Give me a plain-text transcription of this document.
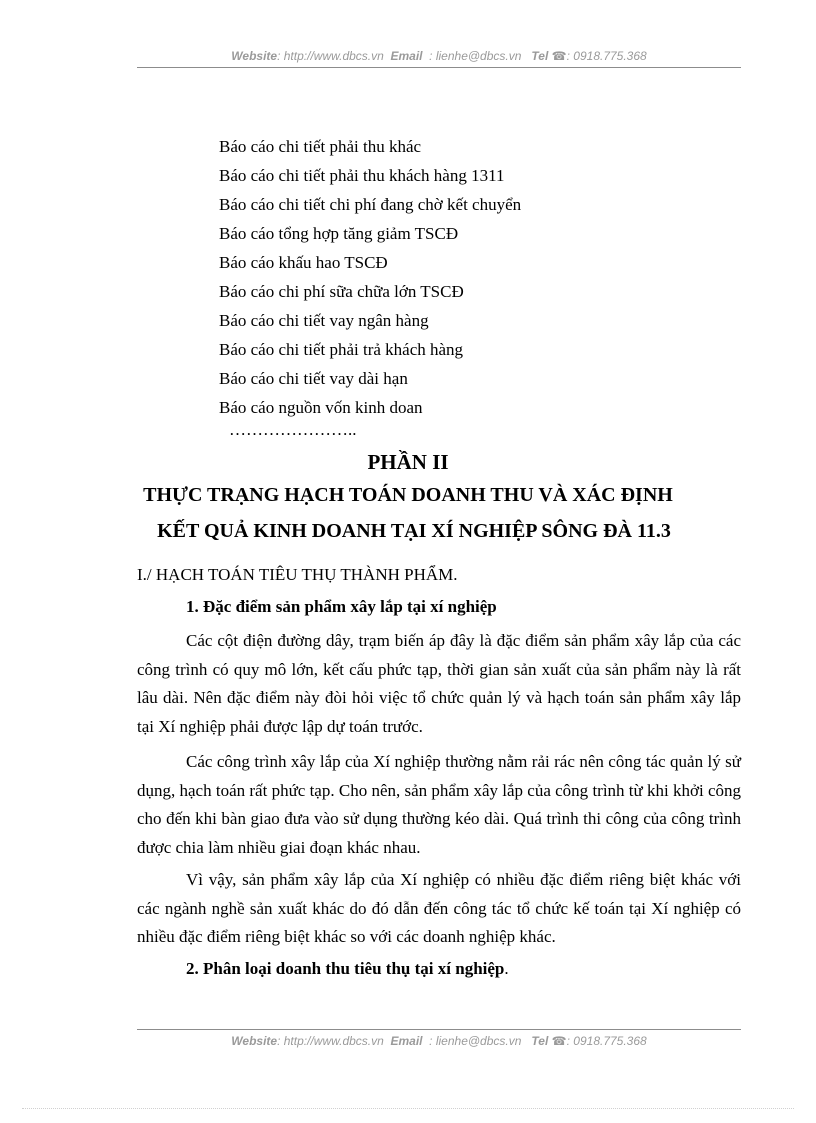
Website: http://www.dbcs.vn Email : lienhe@dbcs.vn Tel ☎: 0918.775.368
Báo cáo chi tiết phải thu khác
Báo cáo chi tiết phải thu khách hàng 1311
Báo cáo chi tiết chi phí đang chờ kết chuyển
Báo cáo tổng hợp tăng giảm TSCĐ
Báo cáo khấu hao TSCĐ
Báo cáo chi phí sữa chữa lớn TSCĐ
Báo cáo chi tiết vay ngân hàng
Báo cáo chi tiết phải trả khách hàng
Báo cáo chi tiết vay dài hạn
Báo cáo nguồn vốn kinh doan
…………………..
PHẦN II
THỰC TRẠNG HẠCH TOÁN DOANH THU VÀ XÁC ĐỊNH
KẾT QUẢ KINH DOANH TẠI XÍ NGHIỆP SÔNG ĐÀ 11.3
I./ HẠCH TOÁN TIÊU THỤ THÀNH PHẨM.
1. Đặc điểm sản phẩm xây lắp tại xí nghiệp

Các cột điện đường dây, trạm biến áp đây là đặc điểm sản phẩm xây lắp của các công trình có quy mô lớn, kết cấu phức tạp, thời gian sản xuất của sản phẩm này là rất lâu dài. Nên đặc điểm này đòi hỏi việc tổ chức quản lý và hạch toán sản phẩm xây lắp tại Xí nghiệp phải được lập dự toán trước.

Các công trình xây lắp của Xí nghiệp thường nằm rải rác nên công tác quản lý sử dụng, hạch toán rất phức tạp. Cho nên, sản phẩm xây lắp của công trình từ khi khởi công cho đến khi bàn giao đưa vào sử dụng thường kéo dài. Quá trình thi công của công trình được chia làm nhiều giai đoạn khác nhau.

Vì vậy, sản phẩm xây lắp của Xí nghiệp có nhiều đặc điểm riêng biệt khác với các ngành nghề sản xuất khác do đó dẫn đến công tác tổ chức kế toán tại Xí nghiệp có nhiều đặc điểm riêng biệt khác so với các doanh nghiệp khác.

2. Phân loại doanh thu tiêu thụ tại xí nghiệp.
Website: http://www.dbcs.vn Email : lienhe@dbcs.vn Tel ☎: 0918.775.368
